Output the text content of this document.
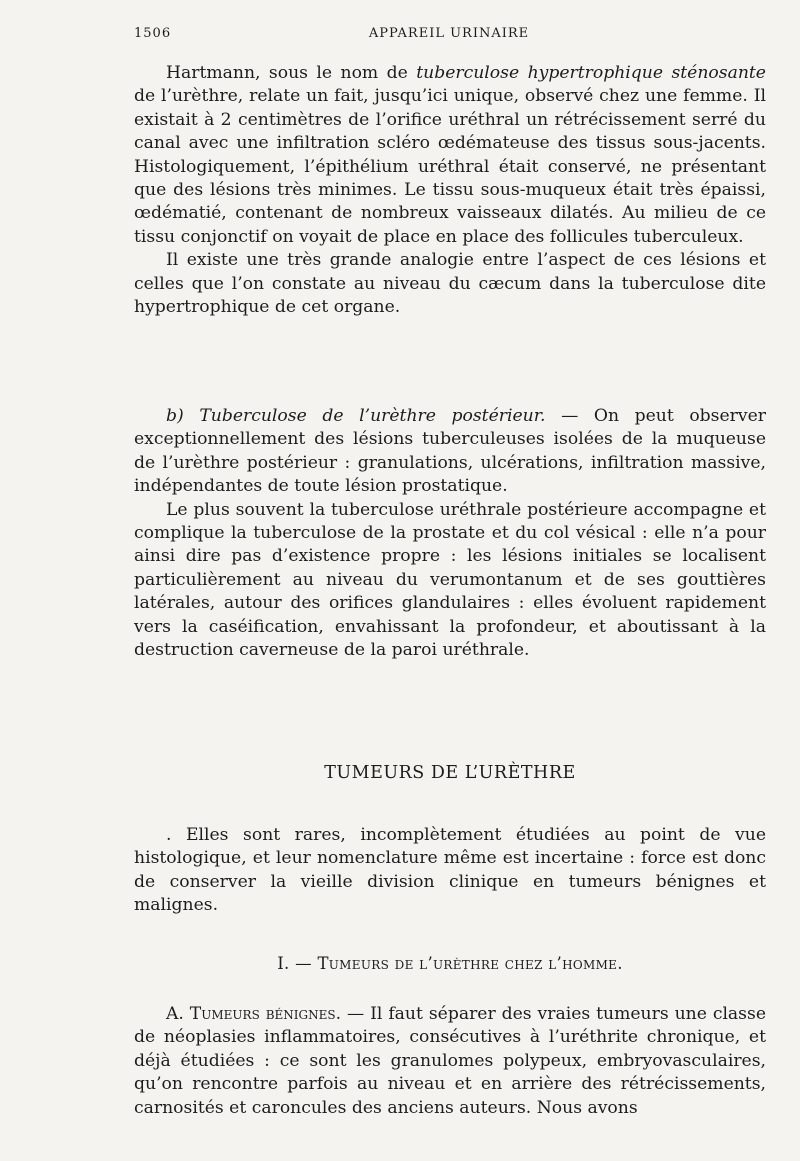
1506	APPAREIL URINAIRE

Hartmann, sous le nom de tuberculose hypertrophique sténosante de l’urèthre, relate un fait, jusqu’ici unique, observé chez une femme. Il existait à 2 centimètres de l’orifice uréthral un rétrécissement serré du canal avec une infiltration scléro œdémateuse des tissus sous-jacents. Histologiquement, l’épithélium uréthral était conservé, ne présentant que des lésions très minimes. Le tissu sous-muqueux était très épaissi, œdématié, contenant de nombreux vaisseaux dilatés. Au milieu de ce tissu conjonctif on voyait de place en place des follicules tuberculeux.

Il existe une très grande analogie entre l’aspect de ces lésions et celles que l’on constate au niveau du cæcum dans la tuberculose dite hypertrophique de cet organe.

b) Tuberculose de l’urèthre postérieur. — On peut observer exceptionnellement des lésions tuberculeuses isolées de la muqueuse de l’urèthre postérieur : granulations, ulcérations, infiltration massive, indépendantes de toute lésion prostatique.

Le plus souvent la tuberculose uréthrale postérieure accompagne et complique la tuberculose de la prostate et du col vésical : elle n’a pour ainsi dire pas d’existence propre : les lésions initiales se localisent particulièrement au niveau du verumontanum et de ses gouttières latérales, autour des orifices glandulaires : elles évoluent rapidement vers la caséification, envahissant la profondeur, et aboutissant à la destruction caverneuse de la paroi uréthrale.

TUMEURS DE L’URÈTHRE

. Elles sont rares, incomplètement étudiées au point de vue histologique, et leur nomenclature même est incertaine : force est donc de conserver la vieille division clinique en tumeurs bénignes et malignes.

I. — Tumeurs de l’urèthre chez l’homme.

A. Tumeurs bénignes. — Il faut séparer des vraies tumeurs une classe de néoplasies inflammatoires, consécutives à l’uréthrite chronique, et déjà étudiées : ce sont les granulomes polypeux, embryovasculaires, qu’on rencontre parfois au niveau et en arrière des rétrécissements, carnosités et caroncules des anciens auteurs. Nous avons
